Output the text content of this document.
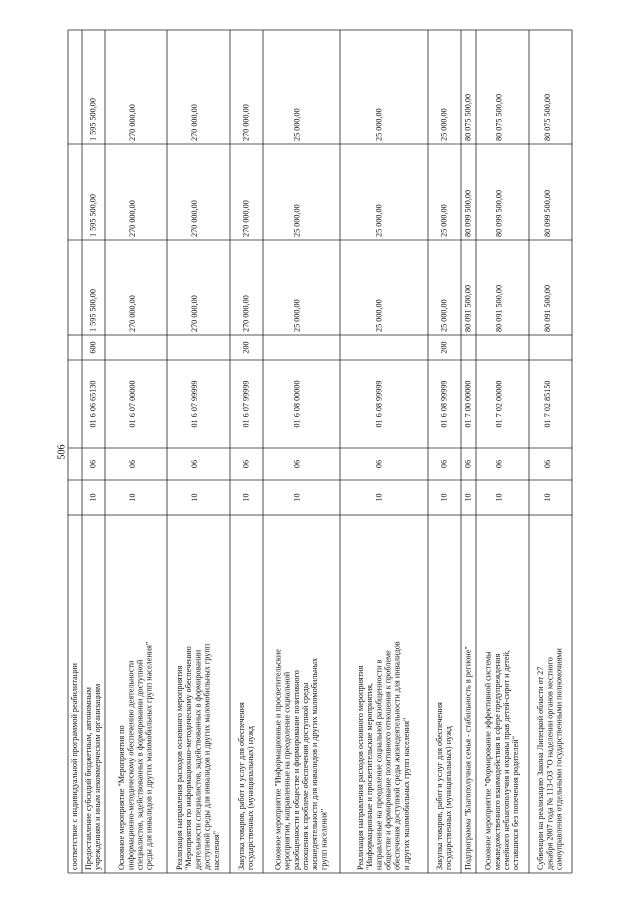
506
соответствие с индивидуальной программой реабилитации Предоставление субсидий бюджетным, автономным учреждениям и иным некоммерческим организациям
10
06
01 6 06 65130
600
1 595 500,00
1 595 500,00
1 595 500,00
Основное мероприятие "Мероприятия по информационно-методическому обеспечению деятельности специалистов, задействованных в формировании доступной среды для инвалидов и других маломобильных групп населения"
10
06
01 6 07 00000
270 000,00
270 000,00
270 000,00
Реализация направления расходов основного мероприятия "Мероприятия по информационно-методическому обеспечению деятельности специалистов, задействованных в формировании доступной среды для инвалидов и других маломобильных групп населения"
10
06
01 6 07 99999
270 000,00
270 000,00
270 000,00
Закупка товаров, работ и услуг для обеспечения государственных (муниципальных) нужд
10
06
01 6 07 99999
200
270 000,00
270 000,00
270 000,00
Основное мероприятие "Информационные и просветительские мероприятия, направленные на преодоление социальной разобщенности в обществе и формирование позитивного отношения к проблеме обеспечения доступной среды жизнедеятельности для инвалидов и других маломобильных групп населения"
10
06
01 6 08 00000
25 000,00
25 000,00
25 000,00
Реализация направления расходов основного мероприятия "Информационные и просветительские мероприятия, направленные на преодоление социальной разобщенности в обществе и формирование позитивного отношения к проблеме обеспечения доступной среды жизнедеятельности для инвалидов и других маломобильных групп населения"
10
06
01 6 08 99999
25 000,00
25 000,00
25 000,00
Закупка товаров, работ и услуг для обеспечения государственных (муниципальных) нужд
10
06
01 6 08 99999
200
25 000,00
25 000,00
25 000,00
Подпрограмма "Благополучная семья - стабильность в регионе"
10
06
01 7 00 00000
80 091 500,00
80 099 500,00
80 075 500,00
Основное мероприятие "Формирование эффективной системы межведомственного взаимодействия в сфере предупреждения семейного неблагополучия и охраны прав детей-сирот и детей, оставшихся без попечения родителей"
10
06
01 7 02 00000
80 091 500,00
80 099 500,00
80 075 500,00
Субвенции на реализацию Закона Липецкой области от 27 декабря 2007 года № 113-ОЗ "О наделении органов местного самоуправления отдельными государственными полномочиями
10
06
01 7 02 85150
80 091 500,00
80 099 500,00
80 075 500,00
